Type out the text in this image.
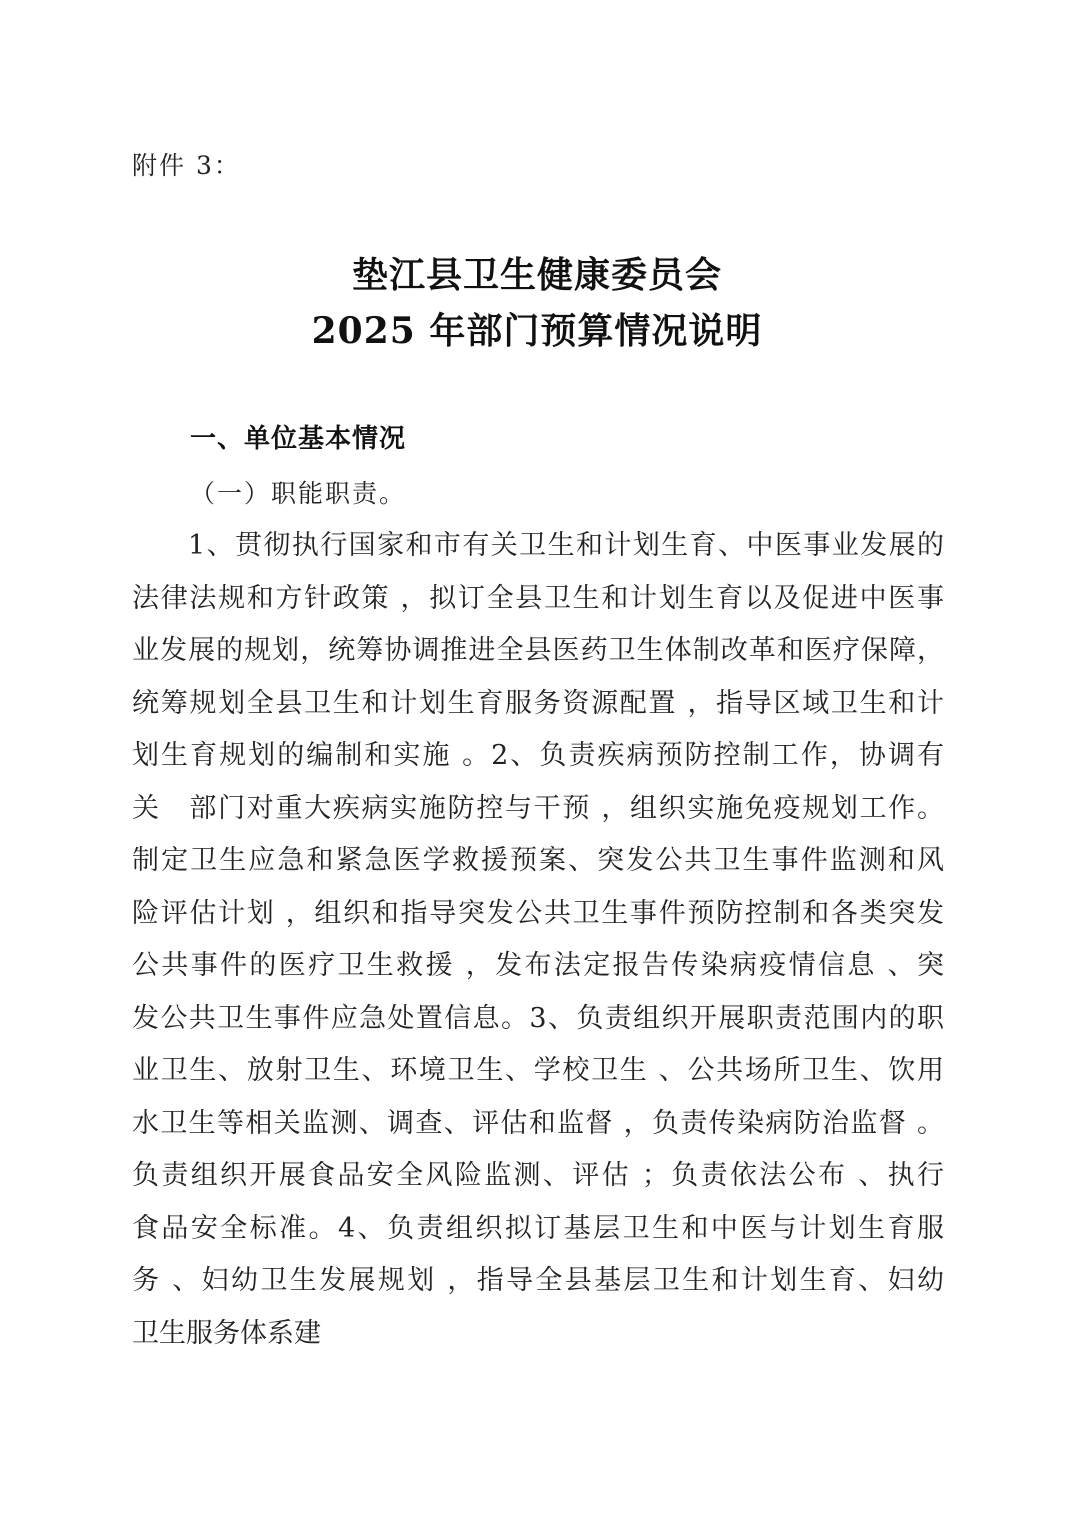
附件 3：
垫江县卫生健康委员会
2025 年部门预算情况说明
一、单位基本情况
（一）职能职责。
1、贯彻执行国家和市有关卫生和计划生育、中医事业发展的
法律法规和方针政策 ，拟订全县卫生和计划生育以及促进中医事
业发展的规划，统筹协调推进全县医药卫生体制改革和医疗保障，
统筹规划全县卫生和计划生育服务资源配置 ，指导区域卫生和计
划生育规划的编制和实施 。2、负责疾病预防控制工作，协调有
关　部门对重大疾病实施防控与干预 ，组织实施免疫规划工作。
制定卫生应急和紧急医学救援预案、突发公共卫生事件监测和风
险评估计划 ，组织和指导突发公共卫生事件预防控制和各类突发
公共事件的医疗卫生救援 ，发布法定报告传染病疫情信息 、突
发公共卫生事件应急处置信息。3、负责组织开展职责范围内的职
业卫生、放射卫生、环境卫生、学校卫生 、公共场所卫生、饮用
水卫生等相关监测、调查、评估和监督 ，负责传染病防治监督 。
负责组织开展食品安全风险监测、评估 ；负责依法公布 、执行
食品安全标准。4、负责组织拟订基层卫生和中医与计划生育服
务 、妇幼卫生发展规划 ，指导全县基层卫生和计划生育、妇幼
卫生服务体系建
